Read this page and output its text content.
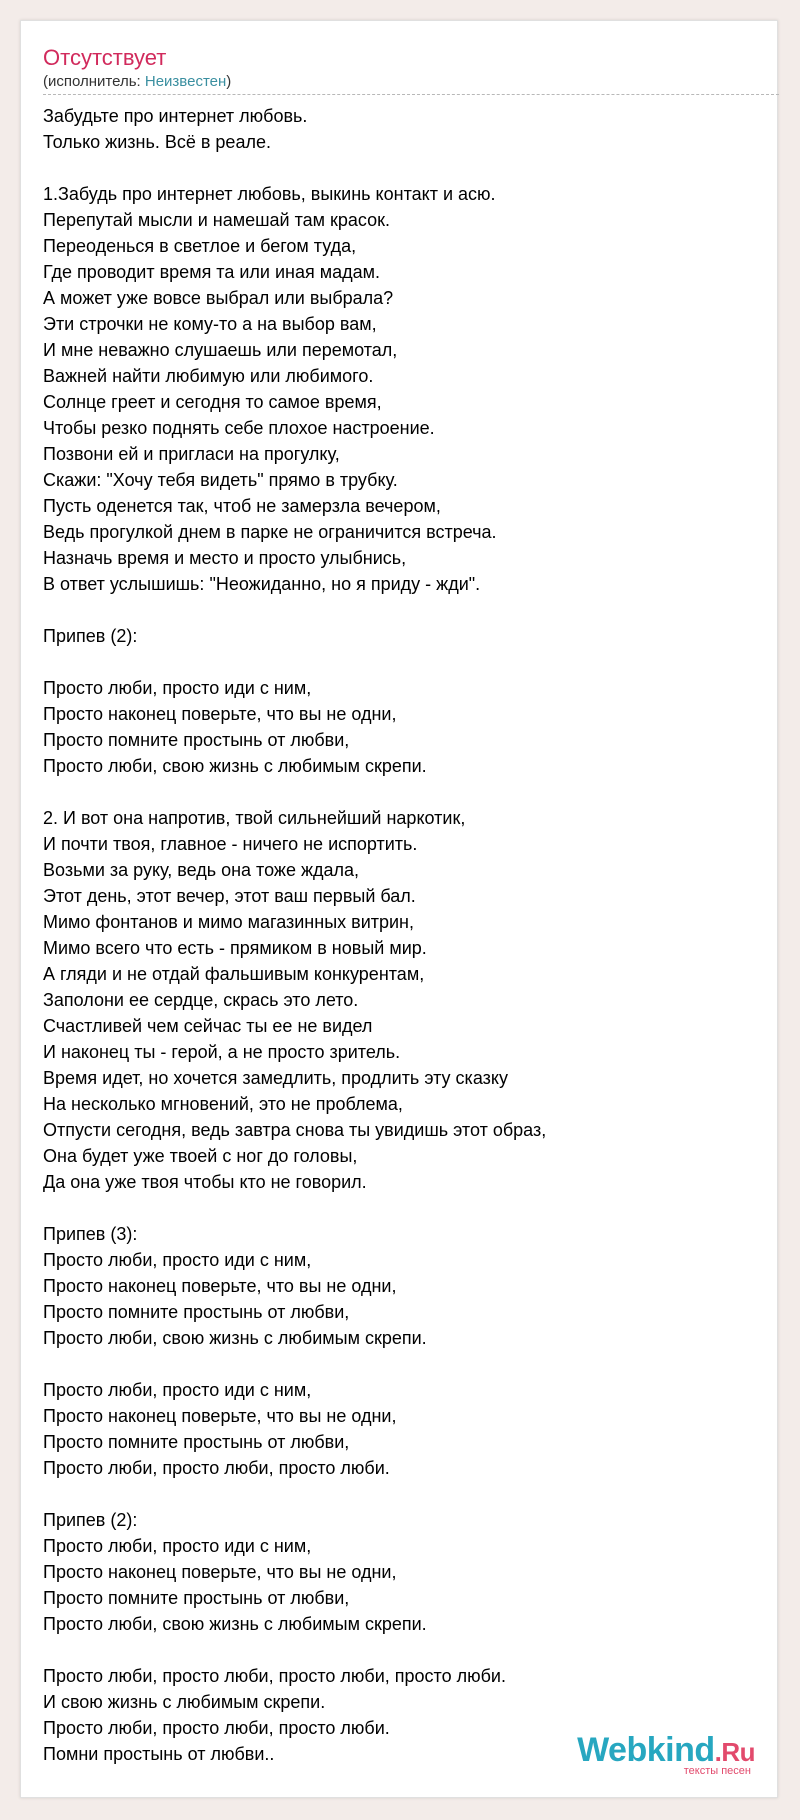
Отсутствует
(исполнитель: Неизвестен)
Забудьте про интернет любовь.
Только жизнь. Всё в реале.
1.Забудь про интернет любовь, выкинь контакт и асю.
Перепутай мысли и намешай там красок.
Переоденься в светлое и бегом туда,
Где проводит время та или иная мадам.
А может уже вовсе выбрал или выбрала?
Эти строчки не кому-то а на выбор вам,
И мне неважно слушаешь или перемотал,
Важней найти любимую или любимого.
Солнце греет и сегодня то самое время,
Чтобы резко поднять себе плохое настроение.
Позвони ей и пригласи на прогулку,
Скажи: "Хочу тебя видеть" прямо в трубку.
Пусть оденется так, чтоб не замерзла вечером,
Ведь прогулкой днем в парке не ограничится встреча.
Назначь время и место и просто улыбнись,
В ответ услышишь: "Неожиданно, но я приду - жди".
Припев (2):
Просто люби, просто иди с ним,
Просто наконец поверьте, что вы не одни,
Просто помните простынь от любви,
Просто люби, свою жизнь с любимым скрепи.
2. И вот она напротив, твой сильнейший наркотик,
И почти твоя, главное - ничего не испортить.
Возьми за руку, ведь она тоже ждала,
Этот день, этот вечер, этот ваш первый бал.
Мимо фонтанов и мимо магазинных витрин,
Мимо всего что есть - прямиком в новый мир.
А гляди и не отдай фальшивым конкурентам,
Заполони ее сердце, скрась это лето.
Счастливей чем сейчас ты ее не видел
И наконец ты - герой, а не просто зритель.
Время идет, но хочется замедлить, продлить эту сказку
На несколько мгновений, это не проблема,
Отпусти сегодня, ведь завтра снова ты увидишь этот образ,
Она будет уже твоей с ног до головы,
Да она уже твоя чтобы кто не говорил.
Припев (3):
Просто люби, просто иди с ним,
Просто наконец поверьте, что вы не одни,
Просто помните простынь от любви,
Просто люби, свою жизнь с любимым скрепи.
Просто люби, просто иди с ним,
Просто наконец поверьте, что вы не одни,
Просто помните простынь от любви,
Просто люби, просто люби, просто люби.
Припев (2):
Просто люби, просто иди с ним,
Просто наконец поверьте, что вы не одни,
Просто помните простынь от любви,
Просто люби, свою жизнь с любимым скрепи.
Просто люби, просто люби, просто люби, просто люби.
И свою жизнь с любимым скрепи.
Просто люби, просто люби, просто люби.
Помни простынь от любви..	Webkind.Ru
тексты песен
